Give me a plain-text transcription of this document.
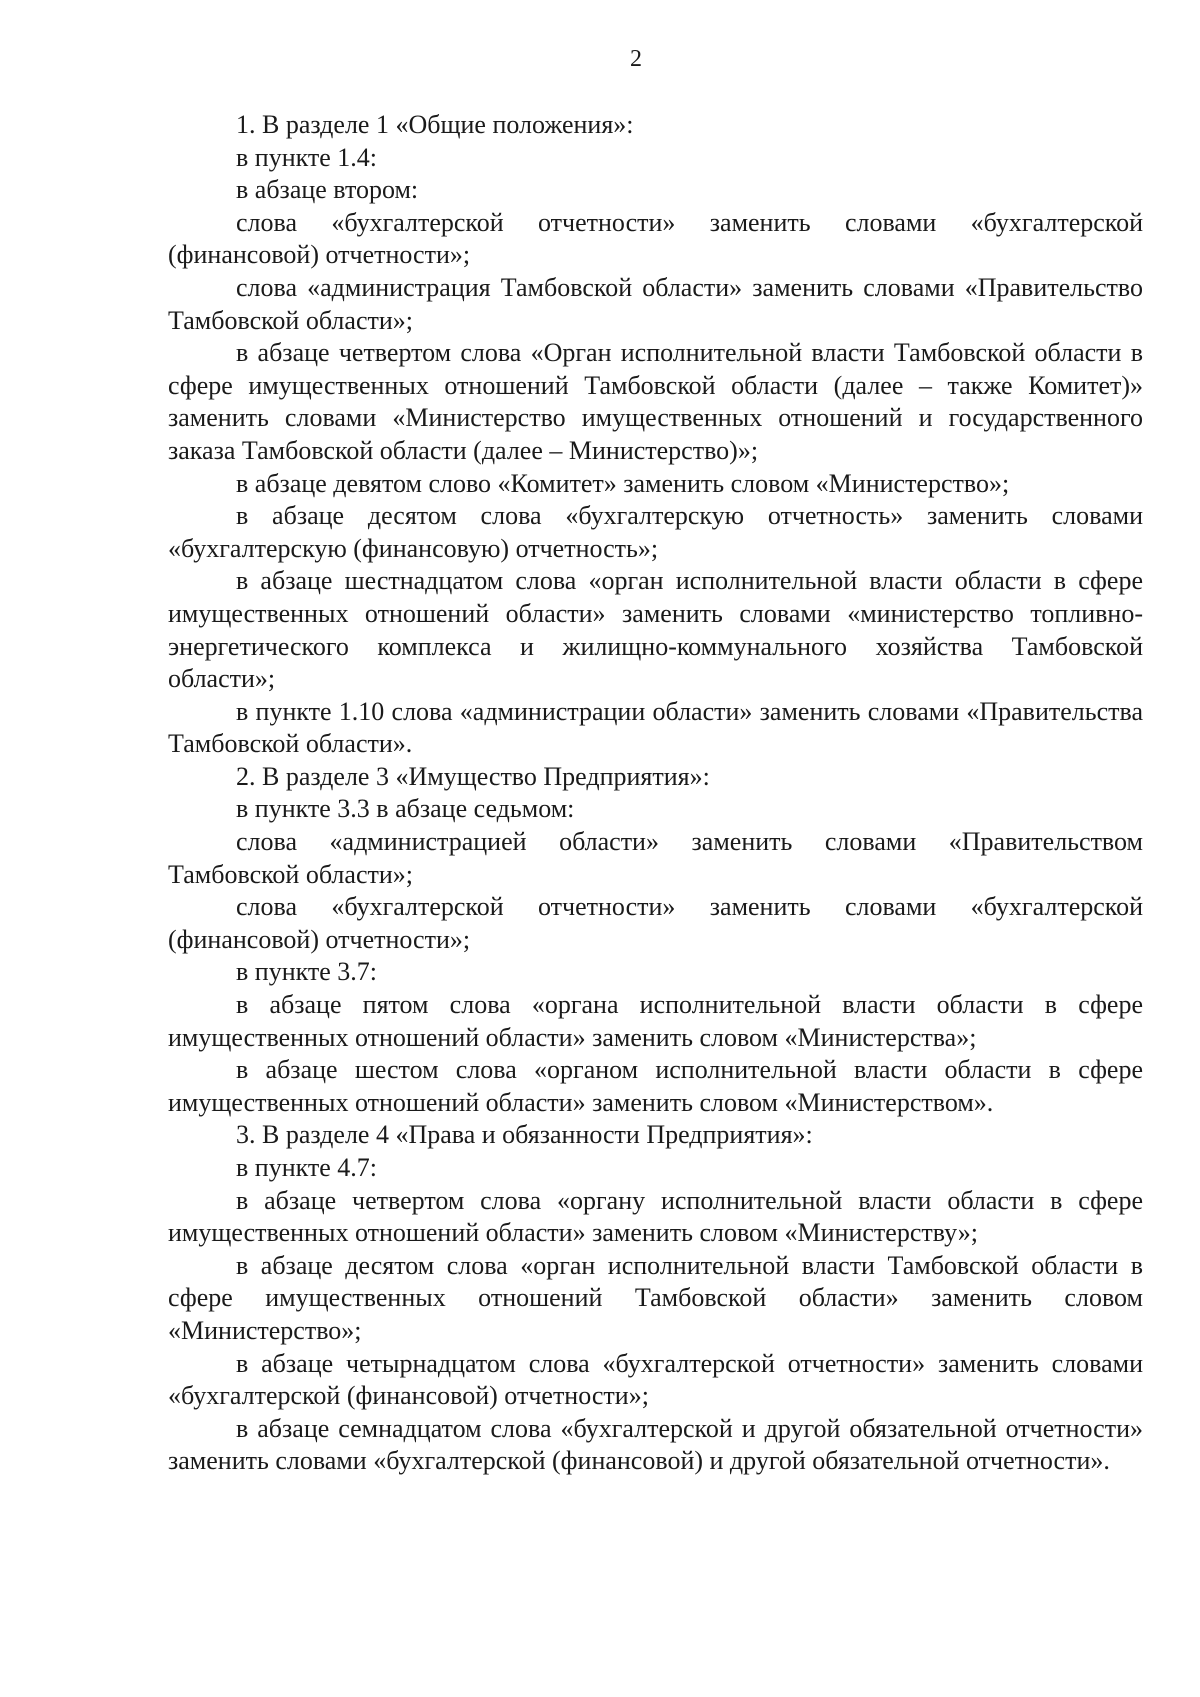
2

1. В разделе 1 «Общие положения»:

в пункте 1.4:

в абзаце втором:

слова «бухгалтерской отчетности» заменить словами «бухгалтерской (финансовой) отчетности»;

слова «администрация Тамбовской области» заменить словами «Правительство Тамбовской области»;

в абзаце четвертом слова «Орган исполнительной власти Тамбовской области в сфере имущественных отношений Тамбовской области (далее – также Комитет)» заменить словами «Министерство имущественных отношений и государственного заказа Тамбовской области (далее – Министерство)»;

в абзаце девятом слово «Комитет» заменить словом «Министерство»;

в абзаце десятом слова «бухгалтерскую отчетность» заменить словами «бухгалтерскую (финансовую) отчетность»;

в абзаце шестнадцатом слова «орган исполнительной власти области в сфере имущественных отношений области» заменить словами «министерство топливно-энергетического комплекса и жилищно-коммунального хозяйства Тамбовской области»;

в пункте 1.10 слова «администрации области» заменить словами «Правительства Тамбовской области».

2. В разделе 3 «Имущество Предприятия»:

в пункте 3.3 в абзаце седьмом:

слова «администрацией области» заменить словами «Правительством Тамбовской области»;

слова «бухгалтерской отчетности» заменить словами «бухгалтерской (финансовой) отчетности»;

в пункте 3.7:

в абзаце пятом слова «органа исполнительной власти области в сфере имущественных отношений области» заменить словом «Министерства»;

в абзаце шестом слова «органом исполнительной власти области в сфере имущественных отношений области» заменить словом «Министерством».

3. В разделе 4 «Права и обязанности Предприятия»:

в пункте 4.7:

в абзаце четвертом слова «органу исполнительной власти области в сфере имущественных отношений области» заменить словом «Министерству»;

в абзаце десятом слова «орган исполнительной власти Тамбовской области в сфере имущественных отношений Тамбовской области» заменить словом «Министерство»;

в абзаце четырнадцатом слова «бухгалтерской отчетности» заменить словами «бухгалтерской (финансовой) отчетности»;

в абзаце семнадцатом слова «бухгалтерской и другой обязательной отчетности» заменить словами «бухгалтерской (финансовой) и другой обязательной отчетности».
